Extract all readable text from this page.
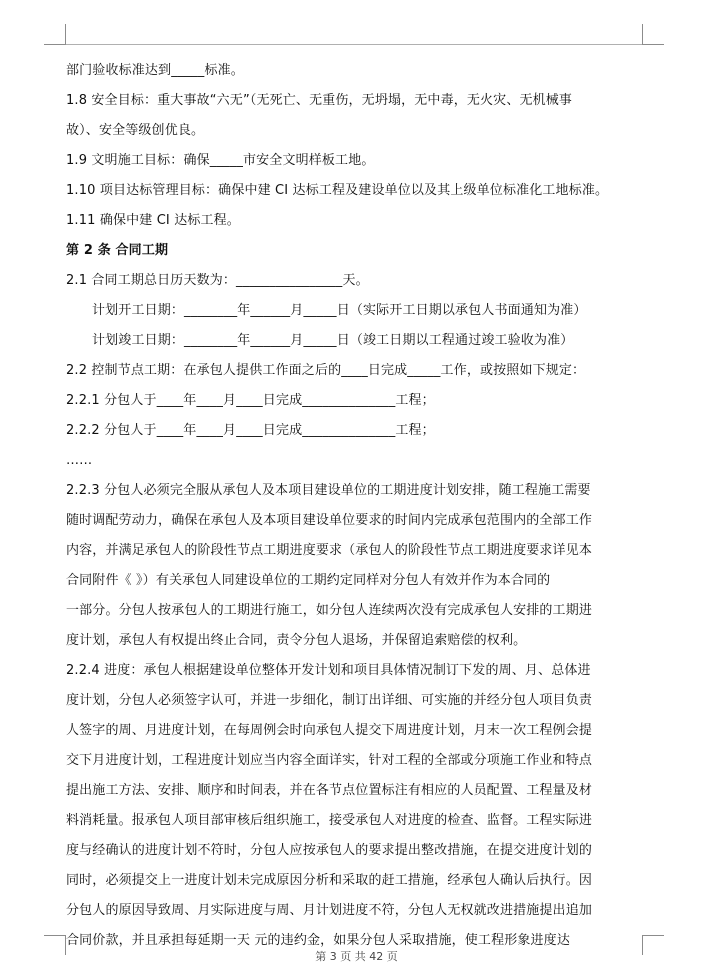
部门验收标准达到_____标准。
1.8 安全目标：重大事故“六无”（无死亡、无重伤，无坍塌，无中毒，无火灾、无机械事
故）、安全等级创优良。
1.9 文明施工目标：确保_____市安全文明样板工地。
1.10 项目达标管理目标：确保中建 CI 达标工程及建设单位以及其上级单位标准化工地标准。
1.11 确保中建 CI 达标工程。
第 2 条 合同工期
2.1 合同工期总日历天数为：________________天。
计划开工日期：________年______月_____日（实际开工日期以承包人书面通知为准）
计划竣工日期：________年______月_____日（竣工日期以工程通过竣工验收为准）
2.2 控制节点工期：在承包人提供工作面之后的____日完成_____工作，或按照如下规定：
2.2.1 分包人于____年____月____日完成______________工程；
2.2.2 分包人于____年____月____日完成______________工程；
……
2.2.3 分包人必须完全服从承包人及本项目建设单位的工期进度计划安排，随工程施工需要
随时调配劳动力，确保在承包人及本项目建设单位要求的时间内完成承包范围内的全部工作
内容，并满足承包人的阶段性节点工期进度要求（承包人的阶段性节点工期进度要求详见本
合同附件《 》）有关承包人同建设单位的工期约定同样对分包人有效并作为本合同的
一部分。分包人按承包人的工期进行施工，如分包人连续两次没有完成承包人安排的工期进
度计划，承包人有权提出终止合同，责令分包人退场，并保留追索赔偿的权利。
2.2.4 进度：承包人根据建设单位整体开发计划和项目具体情况制订下发的周、月、总体进
度计划，分包人必须签字认可，并进一步细化，制订出详细、可实施的并经分包人项目负责
人签字的周、月进度计划，在每周例会时向承包人提交下周进度计划，月末一次工程例会提
交下月进度计划，工程进度计划应当内容全面详实，针对工程的全部或分项施工作业和特点
提出施工方法、安排、顺序和时间表，并在各节点位置标注有相应的人员配置、工程量及材
料消耗量。报承包人项目部审核后组织施工，接受承包人对进度的检查、监督。工程实际进
度与经确认的进度计划不符时，分包人应按承包人的要求提出整改措施，在提交进度计划的
同时，必须提交上一进度计划未完成原因分析和采取的赶工措施，经承包人确认后执行。因
分包人的原因导致周、月实际进度与周、月计划进度不符，分包人无权就改进措施提出追加
合同价款，并且承担每延期一天 元的违约金，如果分包人采取措施，使工程形象进度达
第 3 页 共 42 页
